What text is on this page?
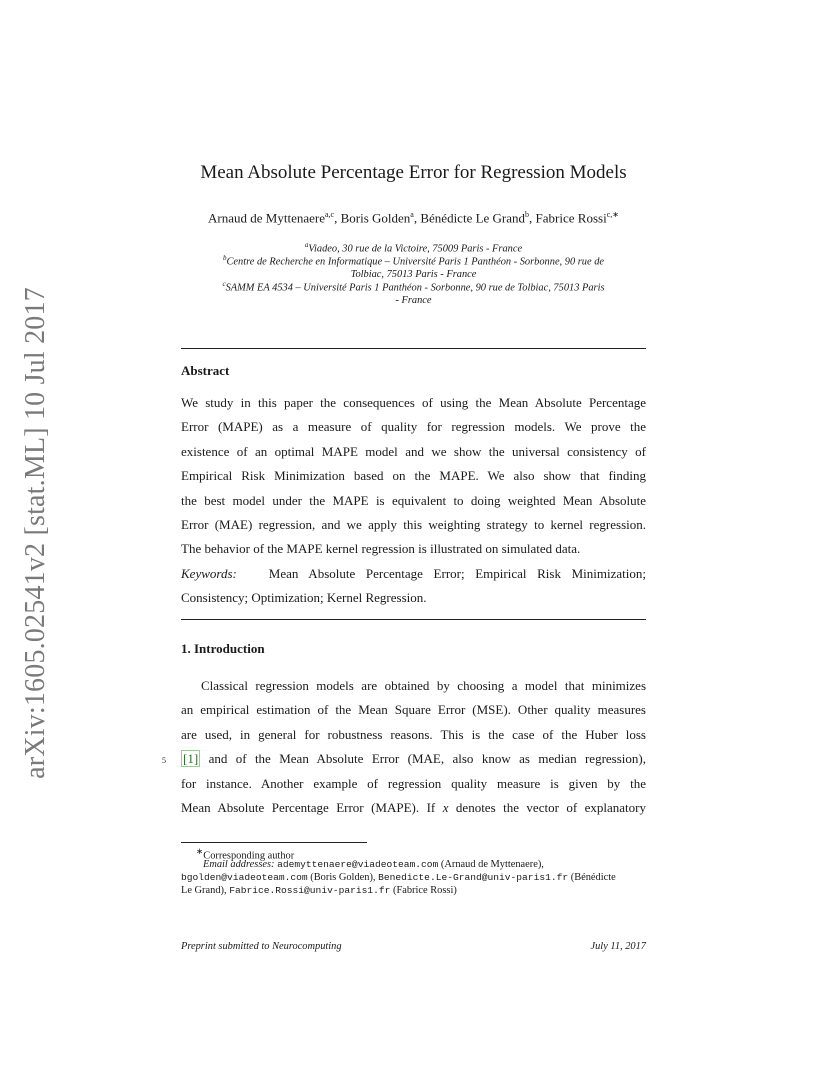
arXiv:1605.02541v2 [stat.ML] 10 Jul 2017
Mean Absolute Percentage Error for Regression Models
Arnaud de Myttenaere$^{a,c}$, Boris Golden$^a$, Bénédicte Le Grand$^b$, Fabrice Rossi$^{c,∗}$
$^a$Viadeo, 30 rue de la Victoire, 75009 Paris - France
$^b$Centre de Recherche en Informatique – Université Paris 1 Panthéon - Sorbonne, 90 rue de
Tolbiac, 75013 Paris - France
$^c$SAMM EA 4534 – Université Paris 1 Panthéon - Sorbonne, 90 rue de Tolbiac, 75013 Paris
- France
Abstract
We study in this paper the consequences of using the Mean Absolute Percentage
Error (MAPE) as a measure of quality for regression models. We prove the
existence of an optimal MAPE model and we show the universal consistency of
Empirical Risk Minimization based on the MAPE. We also show that finding
the best model under the MAPE is equivalent to doing weighted Mean Absolute
Error (MAE) regression, and we apply this weighting strategy to kernel regression.
The behavior of the MAPE kernel regression is illustrated on simulated data.
Keywords: Mean Absolute Percentage Error; Empirical Risk Minimization;
Consistency; Optimization; Kernel Regression.
1. Introduction
5
Classical regression models are obtained by choosing a model that minimizes
an empirical estimation of the Mean Square Error (MSE). Other quality measures
are used, in general for robustness reasons. This is the case of the Huber loss
[1] and of the Mean Absolute Error (MAE, also know as median regression),
for instance. Another example of regression quality measure is given by the
Mean Absolute Percentage Error (MAPE). If x denotes the vector of explanatory
∗Corresponding author
Email addresses: ademyttenaere@viadeoteam.com (Arnaud de Myttenaere),
bgolden@viadeoteam.com (Boris Golden), Benedicte.Le-Grand@univ-paris1.fr (Bénédicte
Le Grand), Fabrice.Rossi@univ-paris1.fr (Fabrice Rossi)
Preprint submitted to Neurocomputing	July 11, 2017
